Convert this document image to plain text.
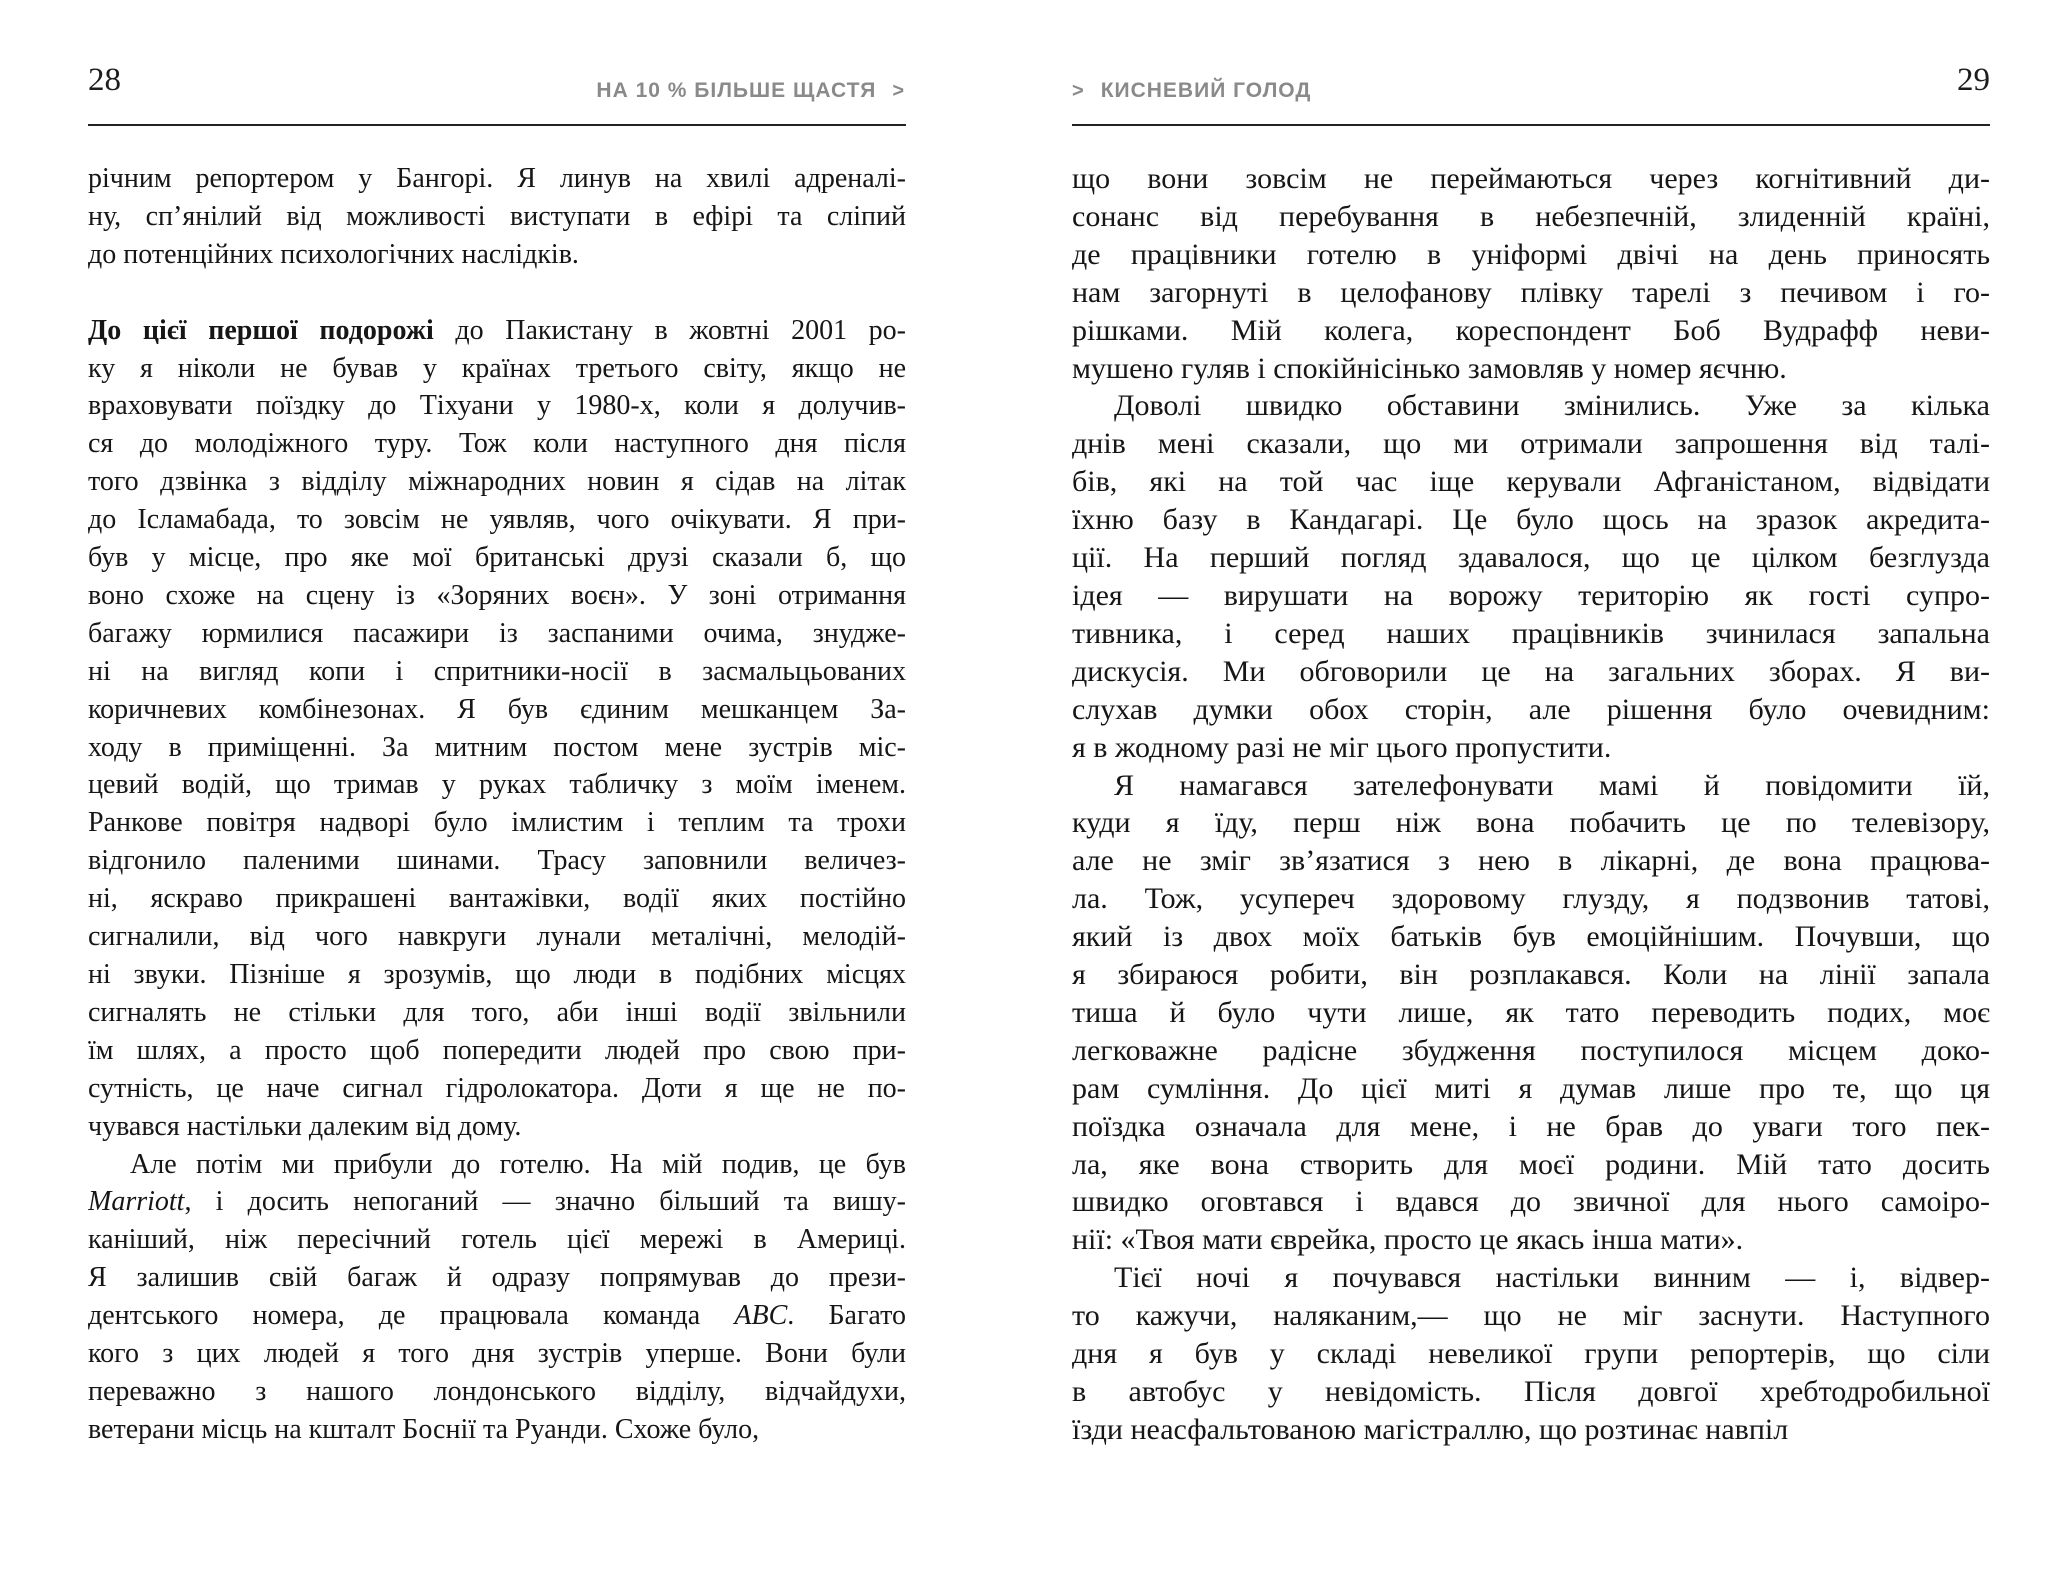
28	НА 10 % БІЛЬШЕ ЩАСТЯ >
річним репортером у Бангорі. Я линув на хвилі адреналі-
ну, сп’янілий від можливості виступати в ефірі та сліпий
до потенційних психологічних наслідків.
До цієї першої подорожі до Пакистану в жовтні 2001 ро-
ку я ніколи не бував у країнах третього світу, якщо не
враховувати поїздку до Тіхуани у 1980-х, коли я долучив-
ся до молодіжного туру. Тож коли наступного дня після
того дзвінка з відділу міжнародних новин я сідав на літак
до Ісламабада, то зовсім не уявляв, чого очікувати. Я при-
був у місце, про яке мої британські друзі сказали б, що
воно схоже на сцену із «Зоряних воєн». У зоні отримання
багажу юрмилися пасажири із заспаними очима, знудже-
ні на вигляд копи і спритники-носії в засмальцьованих
коричневих комбінезонах. Я був єдиним мешканцем За-
ходу в приміщенні. За митним постом мене зустрів міс-
цевий водій, що тримав у руках табличку з моїм іменем.
Ранкове повітря надворі було імлистим і теплим та трохи
відгонило паленими шинами. Трасу заповнили величез-
ні, яскраво прикрашені вантажівки, водії яких постійно
сигналили, від чого навкруги лунали металічні, мелодій-
ні звуки. Пізніше я зрозумів, що люди в подібних місцях
сигналять не стільки для того, аби інші водії звільнили
їм шлях, а просто щоб попередити людей про свою при-
сутність, це наче сигнал гідролокатора. Доти я ще не по-
чувався настільки далеким від дому.
Але потім ми прибули до готелю. На мій подив, це був
Marriott, і досить непоганий — значно більший та вишу-
каніший, ніж пересічний готель цієї мережі в Америці.
Я залишив свій багаж й одразу попрямував до прези-
дентського номера, де працювала команда ABC. Багато
кого з цих людей я того дня зустрів уперше. Вони були
переважно з нашого лондонського відділу, відчайдухи,
ветерани місць на кшталт Боснії та Руанди. Схоже було,
> КИСНЕВИЙ ГОЛОД	29
що вони зовсім не переймаються через когнітивний ди-
сонанс від перебування в небезпечній, злиденній країні,
де працівники готелю в уніформі двічі на день приносять
нам загорнуті в целофанову плівку тарелі з печивом і го-
рішками. Мій колега, кореспондент Боб Вудрафф неви-
мушено гуляв і спокійнісінько замовляв у номер яєчню.
Доволі швидко обставини змінились. Уже за кілька
днів мені сказали, що ми отримали запрошення від талі-
бів, які на той час іще керували Афганістаном, відвідати
їхню базу в Кандагарі. Це було щось на зразок акредита-
ції. На перший погляд здавалося, що це цілком безглузда
ідея — вирушати на ворожу територію як гості супро-
тивника, і серед наших працівників зчинилася запальна
дискусія. Ми обговорили це на загальних зборах. Я ви-
слухав думки обох сторін, але рішення було очевидним:
я в жодному разі не міг цього пропустити.
Я намагався зателефонувати мамі й повідомити їй,
куди я їду, перш ніж вона побачить це по телевізору,
але не зміг зв’язатися з нею в лікарні, де вона працюва-
ла. Тож, усупереч здоровому глузду, я подзвонив татові,
який із двох моїх батьків був емоційнішим. Почувши, що
я збираюся робити, він розплакався. Коли на лінії запала
тиша й було чути лише, як тато переводить подих, моє
легковажне радісне збудження поступилося місцем доко-
рам сумління. До цієї миті я думав лише про те, що ця
поїздка означала для мене, і не брав до уваги того пек-
ла, яке вона створить для моєї родини. Мій тато досить
швидко оговтався і вдався до звичної для нього самоіро-
нії: «Твоя мати єврейка, просто це якась інша мати».
Тієї ночі я почувався настільки винним — і, відвер-
то кажучи, наляканим,— що не міг заснути. Наступного
дня я був у складі невеликої групи репортерів, що сіли
в автобус у невідомість. Після довгої хребтодробильної
їзди неасфальтованою магістраллю, що розтинає навпіл
